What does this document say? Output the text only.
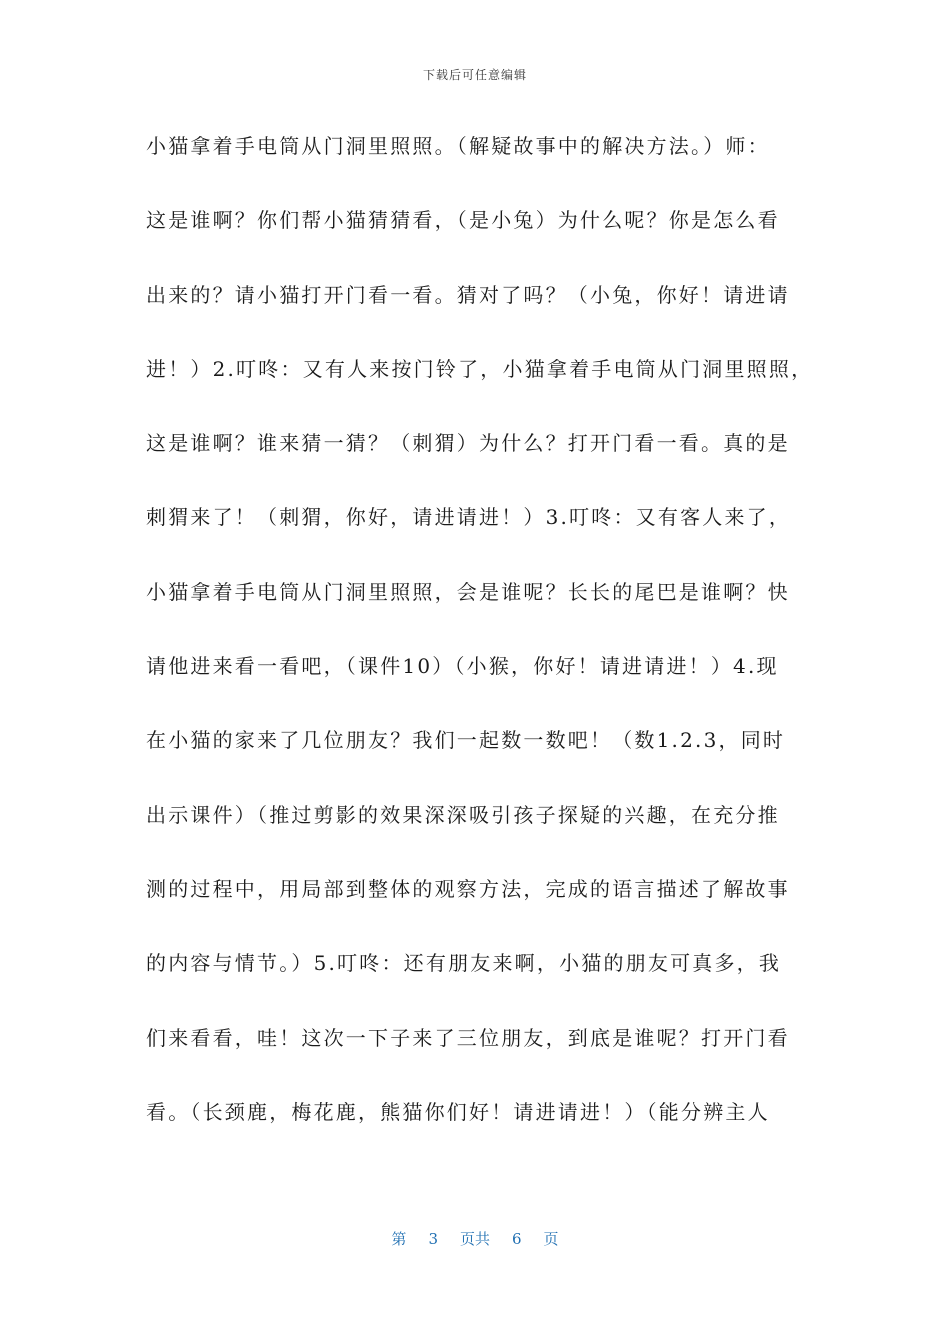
下载后可任意编辑
小猫拿着手电筒从门洞里照照。（解疑故事中的解决方法。）师：
这是谁啊？你们帮小猫猜猜看，（是小兔）为什么呢？你是怎么看
出来的？请小猫打开门看一看。猜对了吗？（小兔，你好！请进请
进！）2.叮咚：又有人来按门铃了，小猫拿着手电筒从门洞里照照，
这是谁啊？谁来猜一猜？（刺猬）为什么？打开门看一看。真的是
刺猬来了！（刺猬，你好，请进请进！）3.叮咚：又有客人来了，
小猫拿着手电筒从门洞里照照，会是谁呢？长长的尾巴是谁啊？快
请他进来看一看吧，（课件10）（小猴，你好！请进请进！）4.现
在小猫的家来了几位朋友？我们一起数一数吧！（数1.2.3，同时
出示课件）（推过剪影的效果深深吸引孩子探疑的兴趣，在充分推
测的过程中，用局部到整体的观察方法，完成的语言描述了解故事
的内容与情节。）5.叮咚：还有朋友来啊，小猫的朋友可真多，我
们来看看，哇！这次一下子来了三位朋友，到底是谁呢？打开门看
看。（长颈鹿，梅花鹿，熊猫你们好！请进请进！）（能分辨主人
第 3 页共 6 页
